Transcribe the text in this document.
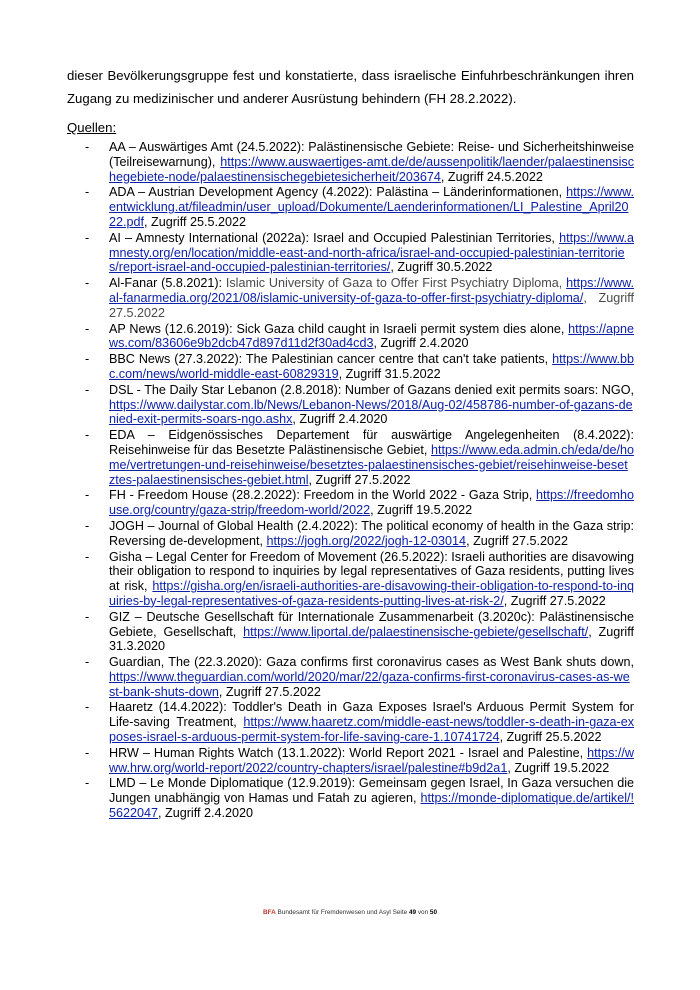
dieser Bevölkerungsgruppe fest und konstatierte, dass israelische Einfuhrbeschränkungen ihren Zugang zu medizinischer und anderer Ausrüstung behindern (FH 28.2.2022).

Quellen:

- AA – Auswärtiges Amt (24.5.2022): Palästinensische Gebiete: Reise- und Sicherheitshinweise (Teilreisewarnung), https://www.auswaertiges-amt.de/de/aussenpolitik/laender/palaestinensischegebiete-node/palaestinensischegebietesicherheit/203674, Zugriff 24.5.2022
- ADA – Austrian Development Agency (4.2022): Palästina – Länderinformationen, https://www.entwicklung.at/fileadmin/user_upload/Dokumente/Laenderinformationen/LI_Palestine_April2022.pdf, Zugriff 25.5.2022
- AI – Amnesty International (2022a): Israel and Occupied Palestinian Territories, https://www.amnesty.org/en/location/middle-east-and-north-africa/israel-and-occupied-palestinian-territories/report-israel-and-occupied-palestinian-territories/, Zugriff 30.5.2022
- Al-Fanar (5.8.2021): Islamic University of Gaza to Offer First Psychiatry Diploma, https://www.al-fanarmedia.org/2021/08/islamic-university-of-gaza-to-offer-first-psychiatry-diploma/, Zugriff 27.5.2022
- AP News (12.6.2019): Sick Gaza child caught in Israeli permit system dies alone, https://apnews.com/83606e9b2dcb47d897d11d2f30ad4cd3, Zugriff 2.4.2020
- BBC News (27.3.2022): The Palestinian cancer centre that can't take patients, https://www.bbc.com/news/world-middle-east-60829319, Zugriff 31.5.2022
- DSL - The Daily Star Lebanon (2.8.2018): Number of Gazans denied exit permits soars: NGO, https://www.dailystar.com.lb/News/Lebanon-News/2018/Aug-02/458786-number-of-gazans-denied-exit-permits-soars-ngo.ashx, Zugriff 2.4.2020
- EDA – Eidgenössisches Departement für auswärtige Angelegenheiten (8.4.2022): Reisehinweise für das Besetzte Palästinensische Gebiet, https://www.eda.admin.ch/eda/de/home/vertretungen-und-reisehinweise/besetztes-palaestinensisches-gebiet/reisehinweise-besetztes-palaestinensisches-gebiet.html, Zugriff 27.5.2022
- FH - Freedom House (28.2.2022): Freedom in the World 2022 - Gaza Strip, https://freedomhouse.org/country/gaza-strip/freedom-world/2022, Zugriff 19.5.2022
- JOGH – Journal of Global Health (2.4.2022): The political economy of health in the Gaza strip: Reversing de-development, https://jogh.org/2022/jogh-12-03014, Zugriff 27.5.2022
- Gisha – Legal Center for Freedom of Movement (26.5.2022): Israeli authorities are disavowing their obligation to respond to inquiries by legal representatives of Gaza residents, putting lives at risk, https://gisha.org/en/israeli-authorities-are-disavowing-their-obligation-to-respond-to-inquiries-by-legal-representatives-of-gaza-residents-putting-lives-at-risk-2/, Zugriff 27.5.2022
- GIZ – Deutsche Gesellschaft für Internationale Zusammenarbeit (3.2020c): Palästinensische Gebiete, Gesellschaft, https://www.liportal.de/palaestinensische-gebiete/gesellschaft/, Zugriff 31.3.2020
- Guardian, The (22.3.2020): Gaza confirms first coronavirus cases as West Bank shuts down, https://www.theguardian.com/world/2020/mar/22/gaza-confirms-first-coronavirus-cases-as-west-bank-shuts-down, Zugriff 27.5.2022
- Haaretz (14.4.2022): Toddler's Death in Gaza Exposes Israel's Arduous Permit System for Life-saving Treatment, https://www.haaretz.com/middle-east-news/toddler-s-death-in-gaza-exposes-israel-s-arduous-permit-system-for-life-saving-care-1.10741724, Zugriff 25.5.2022
- HRW – Human Rights Watch (13.1.2022): World Report 2021 - Israel and Palestine, https://www.hrw.org/world-report/2022/country-chapters/israel/palestine#b9d2a1, Zugriff 19.5.2022
- LMD – Le Monde Diplomatique (12.9.2019): Gemeinsam gegen Israel, In Gaza versuchen die Jungen unabhängig von Hamas und Fatah zu agieren, https://monde-diplomatique.de/artikel/!5622047, Zugriff 2.4.2020
BFA Bundesamt für Fremdenwesen und Asyl Seite 49 von 50
